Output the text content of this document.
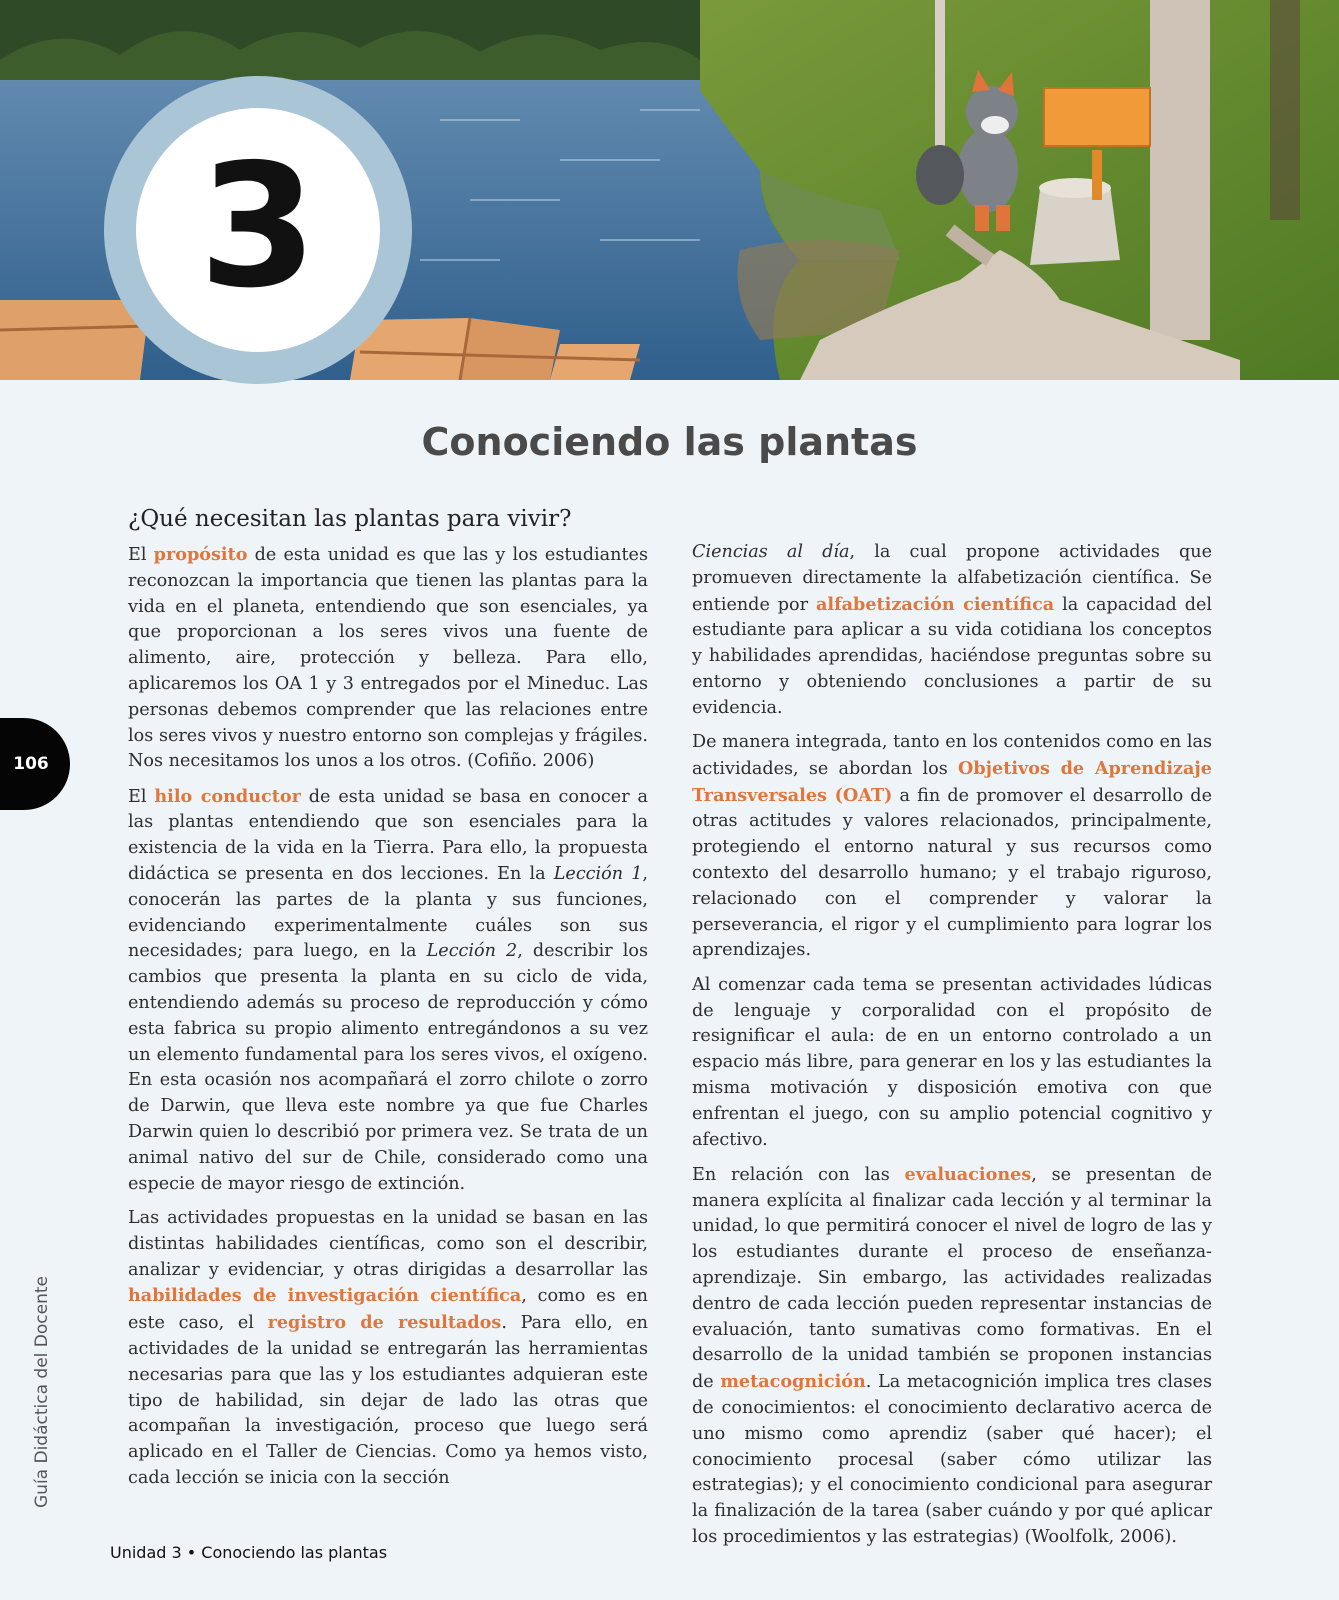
3
Conociendo las plantas
¿Qué necesitan las plantas para vivir?

El propósito de esta unidad es que las y los estudiantes reconozcan la importancia que tienen las plantas para la vida en el planeta, entendiendo que son esenciales, ya que proporcionan a los seres vivos una fuente de alimento, aire, protección y belleza. Para ello, aplicaremos los OA 1 y 3 entregados por el Mineduc. Las personas debemos comprender que las relaciones entre los seres vivos y nuestro entorno son complejas y frágiles. Nos necesitamos los unos a los otros. (Cofiño. 2006)

El hilo conductor de esta unidad se basa en conocer a las plantas entendiendo que son esenciales para la existencia de la vida en la Tierra. Para ello, la propuesta didáctica se presenta en dos lecciones. En la Lección 1, conocerán las partes de la planta y sus funciones, evidenciando experimentalmente cuáles son sus necesidades; para luego, en la Lección 2, describir los cambios que presenta la planta en su ciclo de vida, entendiendo además su proceso de reproducción y cómo esta fabrica su propio alimento entregándonos a su vez un elemento fundamental para los seres vivos, el oxígeno. En esta ocasión nos acompañará el zorro chilote o zorro de Darwin, que lleva este nombre ya que fue Charles Darwin quien lo describió por primera vez. Se trata de un animal nativo del sur de Chile, considerado como una especie de mayor riesgo de extinción.

Las actividades propuestas en la unidad se basan en las distintas habilidades científicas, como son el describir, analizar y evidenciar, y otras dirigidas a desarrollar las habilidades de investigación científica, como es en este caso, el registro de resultados. Para ello, en actividades de la unidad se entregarán las herramientas necesarias para que las y los estudiantes adquieran este tipo de habilidad, sin dejar de lado las otras que acompañan la investigación, proceso que luego será aplicado en el Taller de Ciencias. Como ya hemos visto, cada lección se inicia con la sección

Ciencias al día, la cual propone actividades que promueven directamente la alfabetización científica. Se entiende por alfabetización científica la capacidad del estudiante para aplicar a su vida cotidiana los conceptos y habilidades aprendidas, haciéndose preguntas sobre su entorno y obteniendo conclusiones a partir de su evidencia.

De manera integrada, tanto en los contenidos como en las actividades, se abordan los Objetivos de Aprendizaje Transversales (OAT) a fin de promover el desarrollo de otras actitudes y valores relacionados, principalmente, protegiendo el entorno natural y sus recursos como contexto del desarrollo humano; y el trabajo riguroso, relacionado con el comprender y valorar la perseverancia, el rigor y el cumplimiento para lograr los aprendizajes.

Al comenzar cada tema se presentan actividades lúdicas de lenguaje y corporalidad con el propósito de resignificar el aula: de en un entorno controlado a un espacio más libre, para generar en los y las estudiantes la misma motivación y disposición emotiva con que enfrentan el juego, con su amplio potencial cognitivo y afectivo.

En relación con las evaluaciones, se presentan de manera explícita al finalizar cada lección y al terminar la unidad, lo que permitirá conocer el nivel de logro de las y los estudiantes durante el proceso de enseñanza-aprendizaje. Sin embargo, las actividades realizadas dentro de cada lección pueden representar instancias de evaluación, tanto sumativas como formativas. En el desarrollo de la unidad también se proponen instancias de metacognición. La metacognición implica tres clases de conocimientos: el conocimiento declarativo acerca de uno mismo como aprendiz (saber qué hacer); el conocimiento procesal (saber cómo utilizar las estrategias); y el conocimiento condicional para asegurar la finalización de la tarea (saber cuándo y por qué aplicar los procedimientos y las estrategias) (Woolfolk, 2006).

106
Guía Didáctica del Docente
Unidad 3 • Conociendo las plantas
